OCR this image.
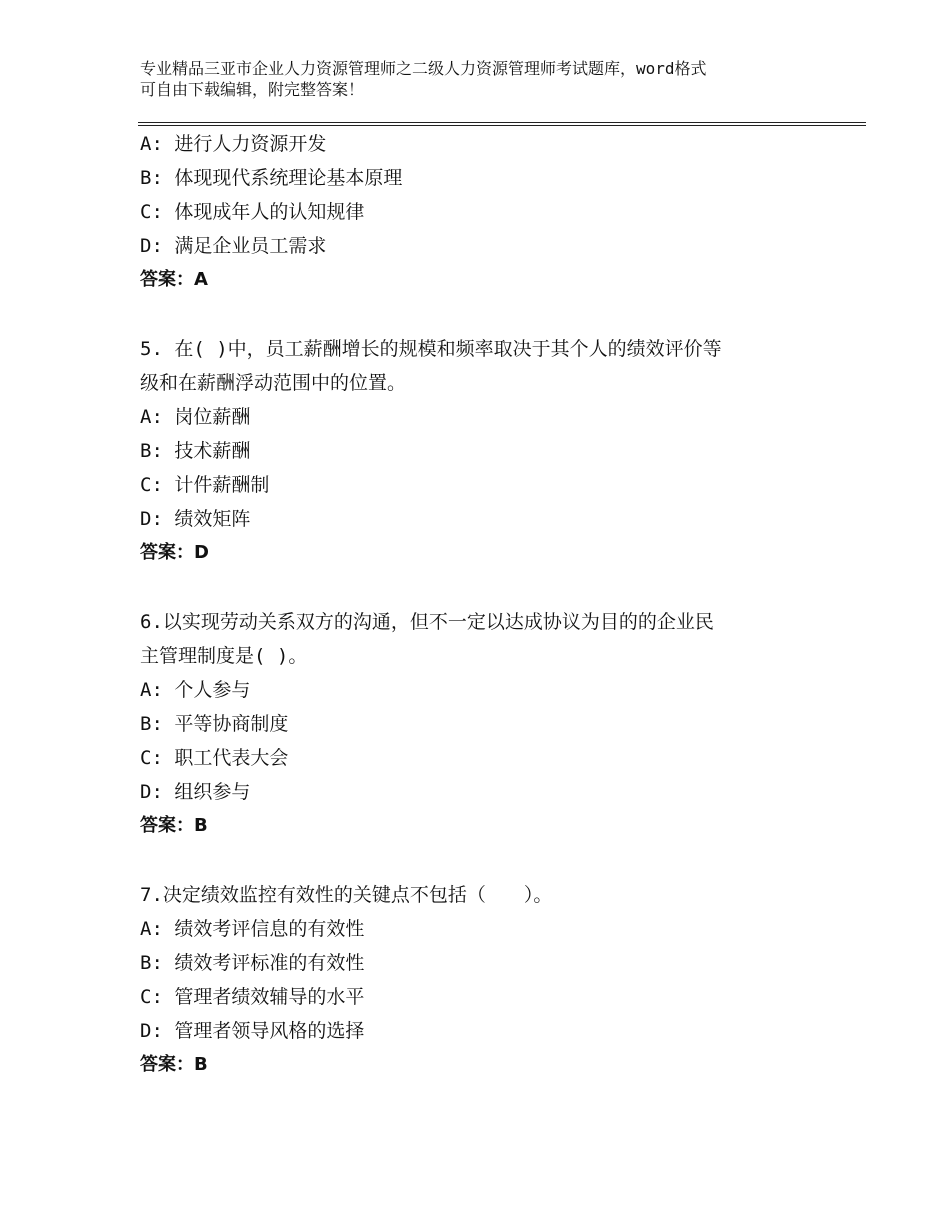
专业精品三亚市企业人力资源管理师之二级人力资源管理师考试题库，word格式
可自由下载编辑，附完整答案！
A: 进行人力资源开发
B: 体现现代系统理论基本原理
C: 体现成年人的认知规律
D: 满足企业员工需求
答案：A
5. 在( )中，员工薪酬增长的规模和频率取决于其个人的绩效评价等
级和在薪酬浮动范围中的位置。
A: 岗位薪酬
B: 技术薪酬
C: 计件薪酬制
D: 绩效矩阵
答案：D
6.以实现劳动关系双方的沟通，但不一定以达成协议为目的的企业民
主管理制度是( )。
A: 个人参与
B: 平等协商制度
C: 职工代表大会
D: 组织参与
答案：B
7.决定绩效监控有效性的关键点不包括（　　）。
A: 绩效考评信息的有效性
B: 绩效考评标准的有效性
C: 管理者绩效辅导的水平
D: 管理者领导风格的选择
答案：B
